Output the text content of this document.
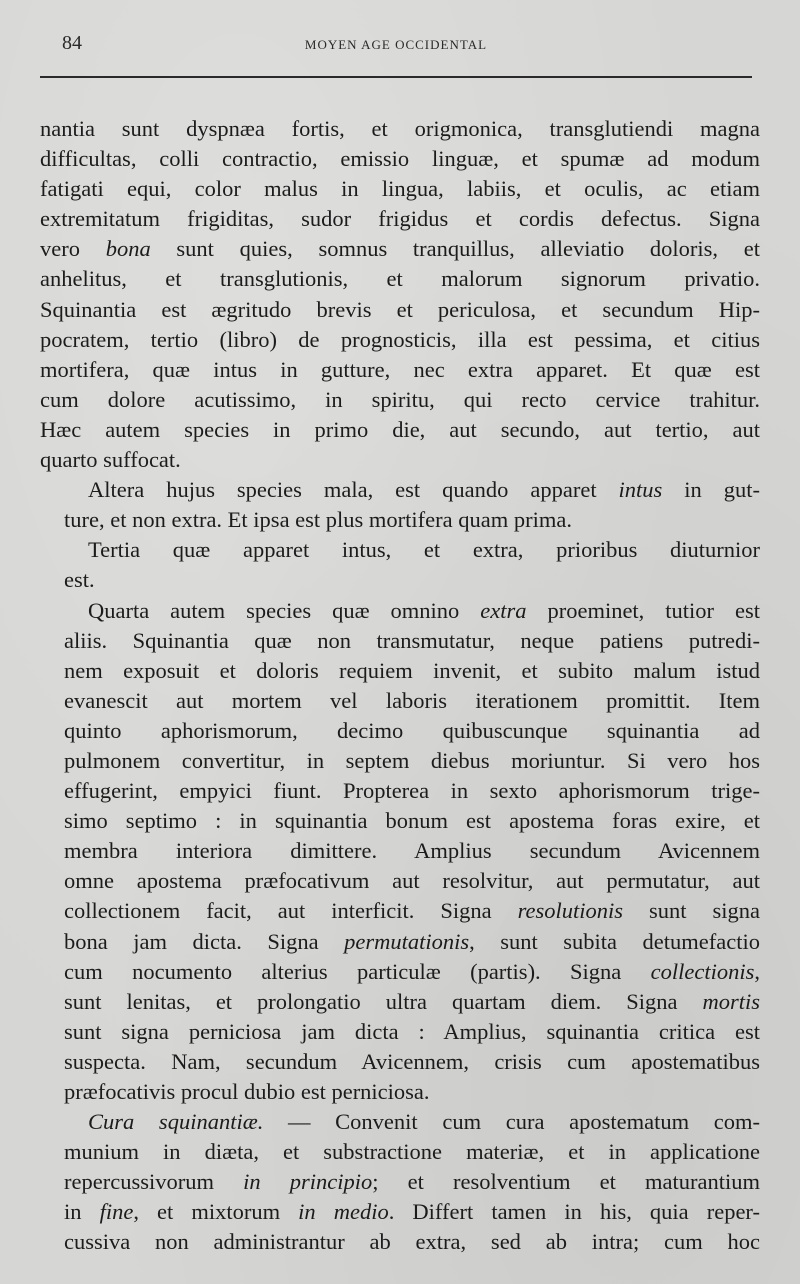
84	MOYEN AGE OCCIDENTAL
nantia sunt dyspnæa fortis, et origmonica, transglutiendi magna
difficultas, colli contractio, emissio linguæ, et spumæ ad modum
fatigati equi, color malus in lingua, labiis, et oculis, ac etiam
extremitatum frigiditas, sudor frigidus et cordis defectus. Signa
vero bona sunt quies, somnus tranquillus, alleviatio doloris, et
anhelitus, et transglutionis, et malorum signorum privatio.
Squinantia est ægritudo brevis et periculosa, et secundum Hip-
pocratem, tertio (libro) de prognosticis, illa est pessima, et citius
mortifera, quæ intus in gutture, nec extra apparet. Et quæ est
cum dolore acutissimo, in spiritu, qui recto cervice trahitur.
Hæc autem species in primo die, aut secundo, aut tertio, aut
quarto suffocat.
Altera hujus species mala, est quando apparet intus in gut-
ture, et non extra. Et ipsa est plus mortifera quam prima.
Tertia quæ apparet intus, et extra, prioribus diuturnior
est.
Quarta autem species quæ omnino extra proeminet, tutior est
aliis. Squinantia quæ non transmutatur, neque patiens putredi-
nem exposuit et doloris requiem invenit, et subito malum istud
evanescit aut mortem vel laboris iterationem promittit. Item
quinto aphorismorum, decimo quibuscunque squinantia ad
pulmonem convertitur, in septem diebus moriuntur. Si vero hos
effugerint, empyici fiunt. Propterea in sexto aphorismorum trige-
simo septimo : in squinantia bonum est apostema foras exire, et
membra interiora dimittere. Amplius secundum Avicennem
omne apostema præfocativum aut resolvitur, aut permutatur, aut
collectionem facit, aut interficit. Signa resolutionis sunt signa
bona jam dicta. Signa permutationis, sunt subita detumefactio
cum nocumento alterius particulæ (partis). Signa collectionis,
sunt lenitas, et prolongatio ultra quartam diem. Signa mortis
sunt signa perniciosa jam dicta : Amplius, squinantia critica est
suspecta. Nam, secundum Avicennem, crisis cum apostematibus
præfocativis procul dubio est perniciosa.
Cura squinantiæ. — Convenit cum cura apostematum com-
munium in diæta, et substractione materiæ, et in applicatione
repercussivorum in principio; et resolventium et maturantium
in fine, et mixtorum in medio. Differt tamen in his, quia reper-
cussiva non administrantur ab extra, sed ab intra; cum hoc
